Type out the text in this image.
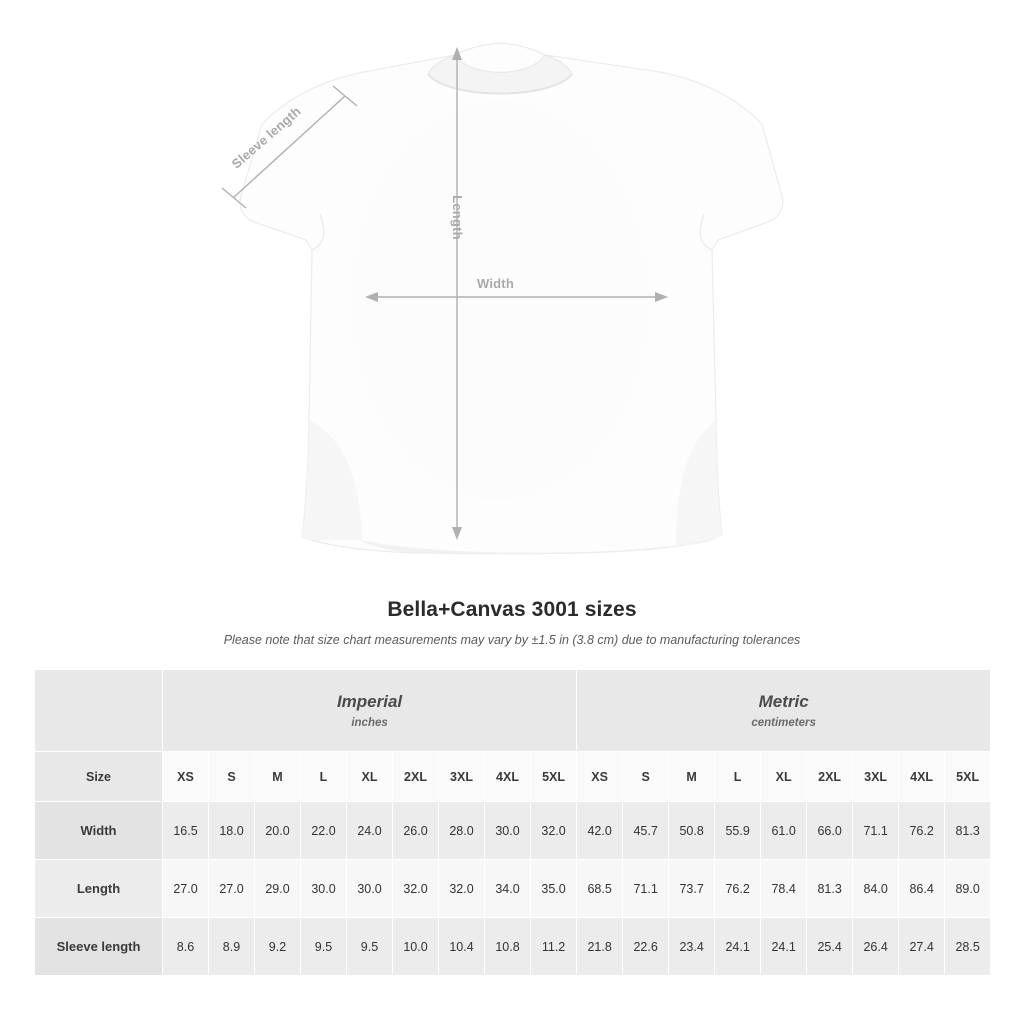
Sleeve length
Length
Width
Bella+Canvas 3001 sizes
Please note that size chart measurements may vary by ±1.5 in (3.8 cm) due to manufacturing tolerances

	Imperial
inches									Metric
centimeters								

Size	XS	S	M	L	XL	2XL	3XL	4XL	5XL	XS	S	M	L	XL	2XL	3XL	4XL	5XL
Width	16.5	18.0	20.0	22.0	24.0	26.0	28.0	30.0	32.0	42.0	45.7	50.8	55.9	61.0	66.0	71.1	76.2	81.3
Length	27.0	27.0	29.0	30.0	30.0	32.0	32.0	34.0	35.0	68.5	71.1	73.7	76.2	78.4	81.3	84.0	86.4	89.0
Sleeve length	8.6	8.9	9.2	9.5	9.5	10.0	10.4	10.8	11.2	21.8	22.6	23.4	24.1	24.1	25.4	26.4	27.4	28.5
